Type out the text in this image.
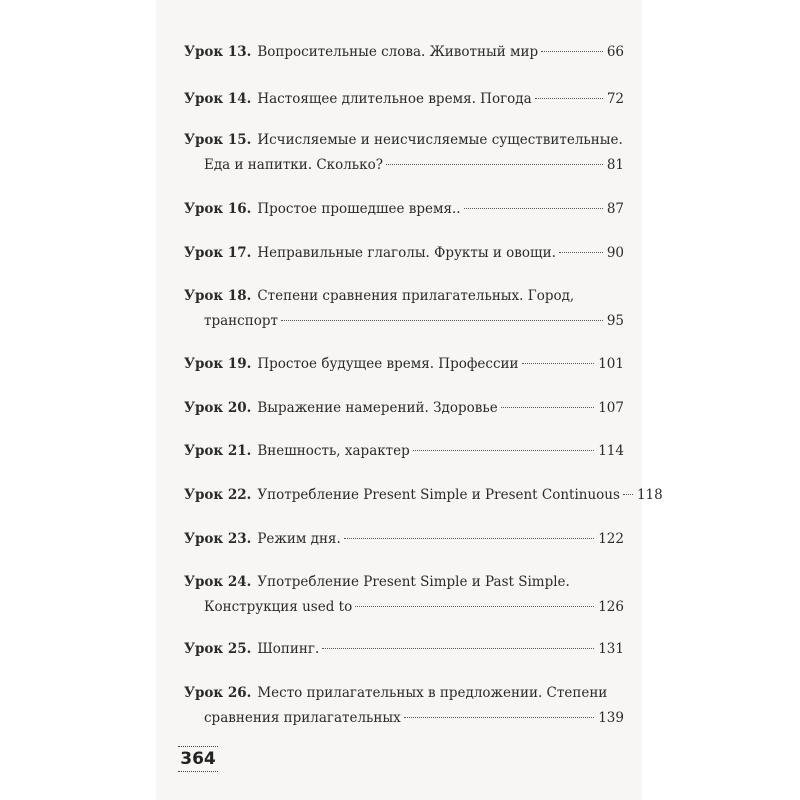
Урок 13. Вопросительные слова. Животный мир	66
Урок 14. Настоящее длительное время. Погода	72
Урок 15. Исчисляемые и неисчисляемые существительные.
Еда и напитки. Сколько?	81
Урок 16. Простое прошедшее время..	87
Урок 17. Неправильные глаголы. Фрукты и овощи.	90
Урок 18. Степени сравнения прилагательных. Город,
транспорт	95
Урок 19. Простое будущее время. Профессии	101
Урок 20. Выражение намерений. Здоровье	107
Урок 21. Внешность, характер	114
Урок 22. Употребление Present Simple и Present Continuous 118
Урок 23. Режим дня.	122
Урок 24. Употребление Present Simple и Past Simple.
Конструкция used to	126
Урок 25. Шопинг.	131
Урок 26. Место прилагательных в предложении. Степени
сравнения прилагательных	139
364
